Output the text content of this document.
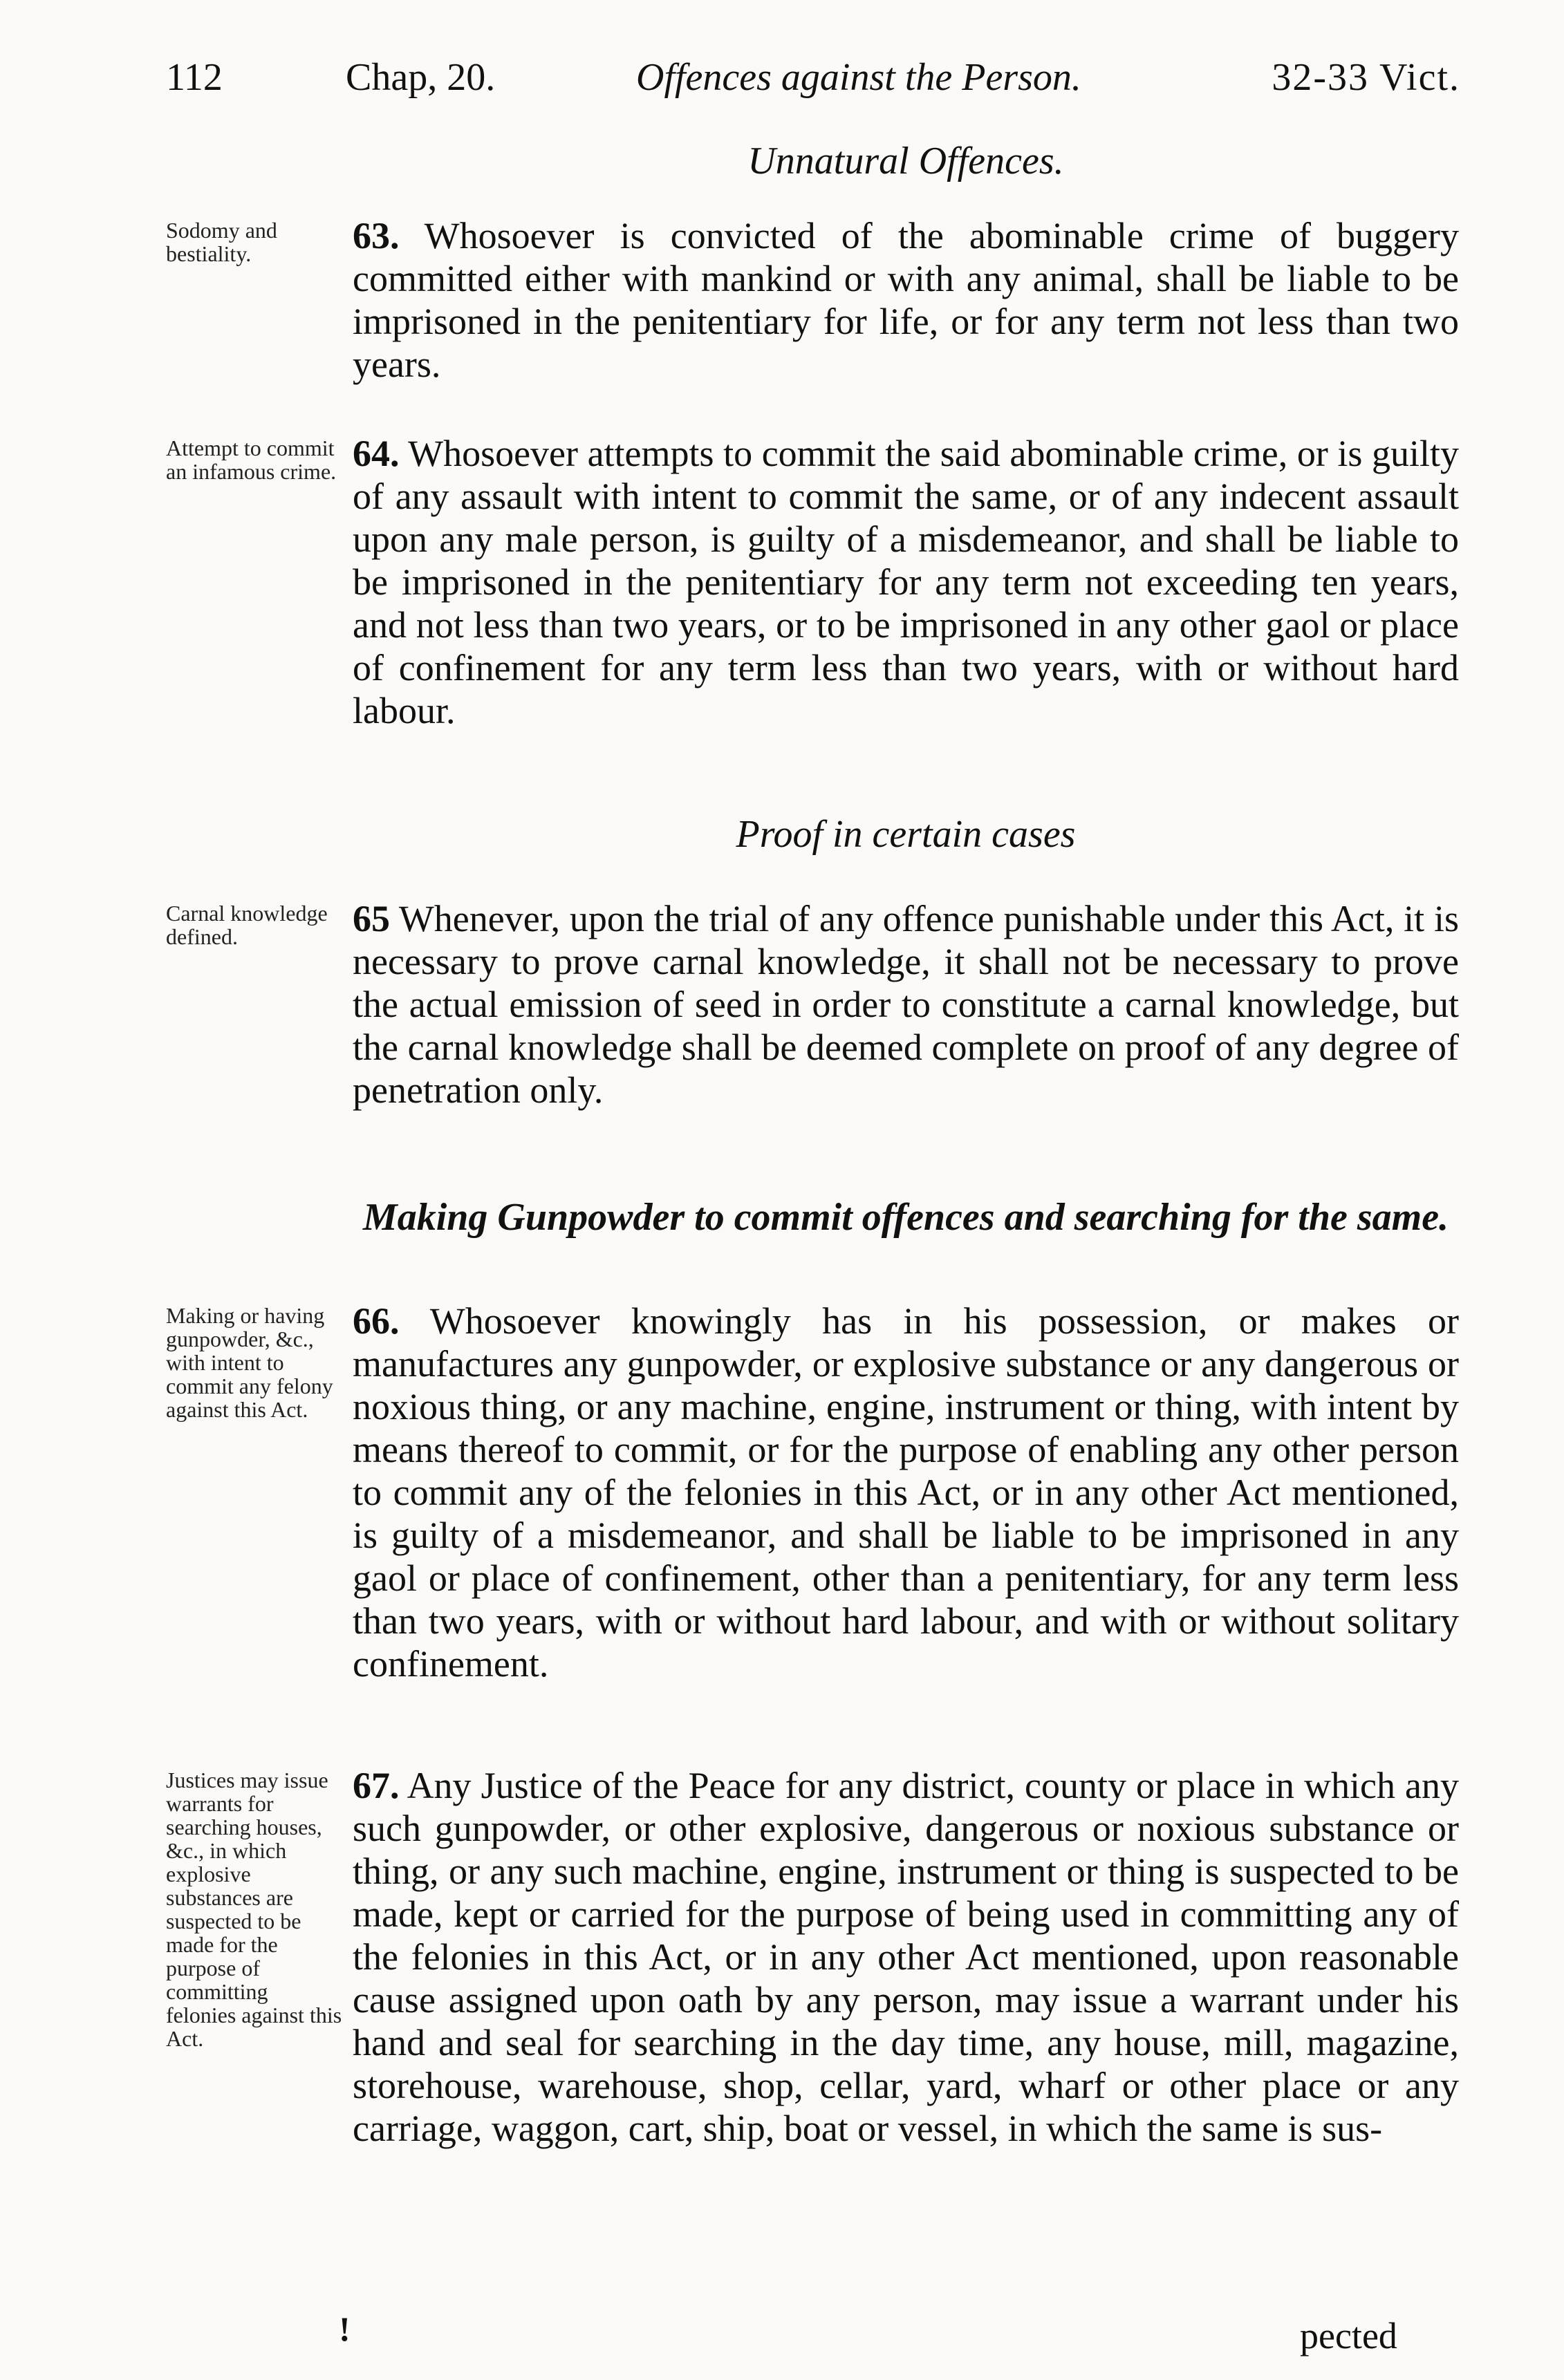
112	Chap, 20.	Offences against the Person.	32-33 Vict.
Unnatural Offences.
Sodomy and bestiality.	63. Whosoever is convicted of the abominable crime of buggery committed either with mankind or with any animal, shall be liable to be imprisoned in the penitentiary for life, or for any term not less than two years.
Attempt to commit an infamous crime. 64. Whosoever attempts to commit the said abominable crime, or is guilty of any assault with intent to commit the same, or of any indecent assault upon any male person, is guilty of a misdemeanor, and shall be liable to be imprisoned in the penitentiary for any term not exceeding ten years, and not less than two years, or to be imprisoned in any other gaol or place of confinement for any term less than two years, with or without hard labour.
Proof in certain cases
Carnal knowledge defined.	65 Whenever, upon the trial of any offence punishable under this Act, it is necessary to prove carnal knowledge, it shall not be necessary to prove the actual emission of seed in order to constitute a carnal knowledge, but the carnal knowledge shall be deemed complete on proof of any degree of penetration only.
Making Gunpowder to commit offences and searching for the same.
Making or having gunpowder, &c., with intent to commit any felony against this Act.
66. Whosoever knowingly has in his possession, or makes or manufactures any gunpowder, or explosive substance or any dangerous or noxious thing, or any machine, engine, instrument or thing, with intent by means thereof to commit, or for the purpose of enabling any other person to commit any of the felonies in this Act, or in any other Act mentioned, is guilty of a misdemeanor, and shall be liable to be imprisoned in any gaol or place of confinement, other than a penitentiary, for any term less than two years, with or without hard labour, and with or without solitary confinement.
Justices may issue warrants for searching houses, &c., in which explosive substances are suspected to be made for the purpose of committing felonies against this Act.
67. Any Justice of the Peace for any district, county or place in which any such gunpowder, or other explosive, dangerous or noxious substance or thing, or any such machine, engine, instrument or thing is suspected to be made, kept or carried for the purpose of being used in committing any of the felonies in this Act, or in any other Act mentioned, upon reasonable cause assigned upon oath by any person, may issue a warrant under his hand and seal for searching in the day time, any house, mill, magazine, storehouse, warehouse, shop, cellar, yard, wharf or other place or any carriage, waggon, cart, ship, boat or vessel, in which the same is sus-
!	pected
